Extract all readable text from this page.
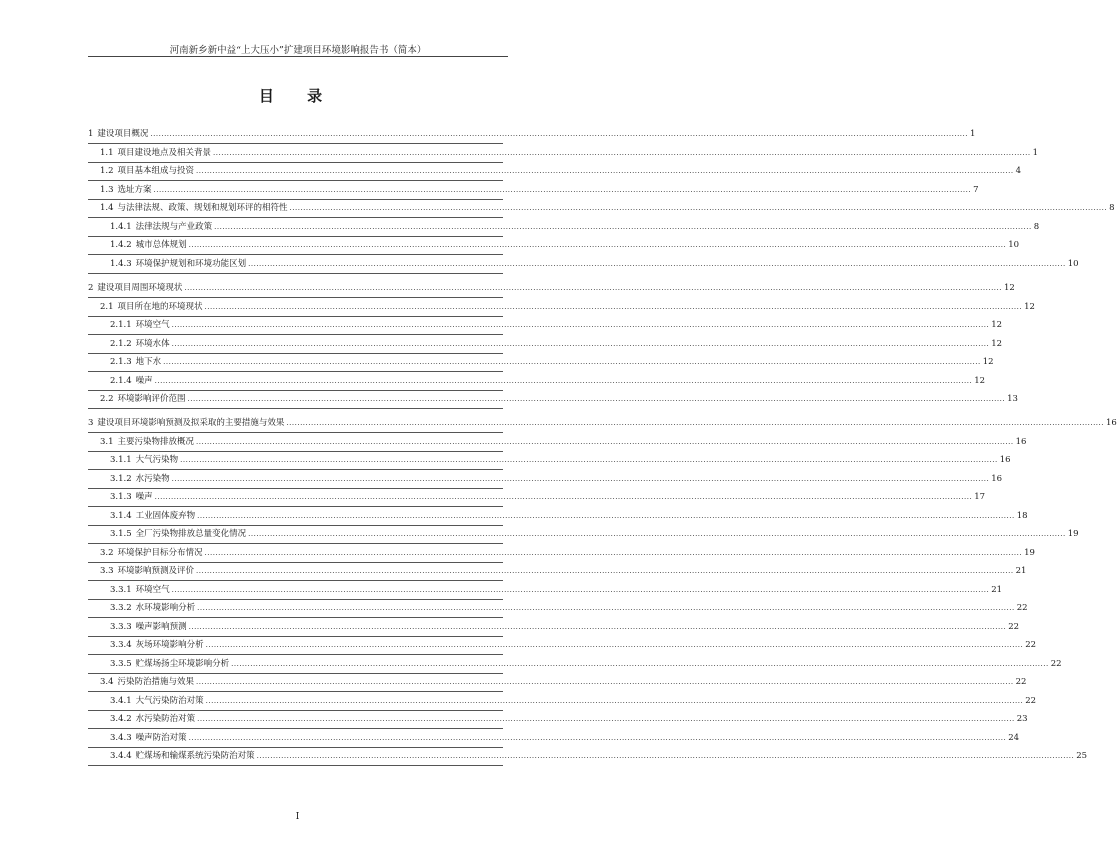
河南新乡新中益“上大压小”扩建项目环境影响报告书（简本）
目 录
1 建设项目概况 ............................................................................................................................................................................................................................................................................................................ 1
1.1 项目建设地点及相关背景 ............................................................................................................................................................................................................................................................................................................ 1
1.2 项目基本组成与投资 ............................................................................................................................................................................................................................................................................................................ 4
1.3 选址方案 ............................................................................................................................................................................................................................................................................................................ 7
1.4 与法律法规、政策、规划和规划环评的相符性 ............................................................................................................................................................................................................................................................................................................ 8
1.4.1 法律法规与产业政策 ............................................................................................................................................................................................................................................................................................................ 8
1.4.2 城市总体规划 ............................................................................................................................................................................................................................................................................................................ 10
1.4.3 环境保护规划和环境功能区划 ............................................................................................................................................................................................................................................................................................................ 10
2 建设项目周围环境现状 ............................................................................................................................................................................................................................................................................................................ 12
2.1 项目所在地的环境现状 ............................................................................................................................................................................................................................................................................................................ 12
2.1.1 环境空气 ............................................................................................................................................................................................................................................................................................................ 12
2.1.2 环境水体 ............................................................................................................................................................................................................................................................................................................ 12
2.1.3 地下水 ............................................................................................................................................................................................................................................................................................................ 12
2.1.4 噪声 ............................................................................................................................................................................................................................................................................................................ 12
2.2 环境影响评价范围 ............................................................................................................................................................................................................................................................................................................ 13
3 建设项目环境影响预测及拟采取的主要措施与效果 ............................................................................................................................................................................................................................................................................................................ 16
3.1 主要污染物排放概况 ............................................................................................................................................................................................................................................................................................................ 16
3.1.1 大气污染物 ............................................................................................................................................................................................................................................................................................................ 16
3.1.2 水污染物 ............................................................................................................................................................................................................................................................................................................ 16
3.1.3 噪声 ............................................................................................................................................................................................................................................................................................................ 17
3.1.4 工业固体废弃物 ............................................................................................................................................................................................................................................................................................................ 18
3.1.5 全厂污染物排放总量变化情况 ............................................................................................................................................................................................................................................................................................................ 19
3.2 环境保护目标分布情况 ............................................................................................................................................................................................................................................................................................................ 19
3.3 环境影响预测及评价 ............................................................................................................................................................................................................................................................................................................ 21
3.3.1 环境空气 ............................................................................................................................................................................................................................................................................................................ 21
3.3.2 水环境影响分析 ............................................................................................................................................................................................................................................................................................................ 22
3.3.3 噪声影响预测 ............................................................................................................................................................................................................................................................................................................ 22
3.3.4 灰场环境影响分析 ............................................................................................................................................................................................................................................................................................................ 22
3.3.5 贮煤场扬尘环境影响分析 ............................................................................................................................................................................................................................................................................................................ 22
3.4 污染防治措施与效果 ............................................................................................................................................................................................................................................................................................................ 22
3.4.1 大气污染防治对策 ............................................................................................................................................................................................................................................................................................................ 22
3.4.2 水污染防治对策 ............................................................................................................................................................................................................................................................................................................ 23
3.4.3 噪声防治对策 ............................................................................................................................................................................................................................................................................................................ 24
3.4.4 贮煤场和输煤系统污染防治对策 ............................................................................................................................................................................................................................................................................................................ 25
I
